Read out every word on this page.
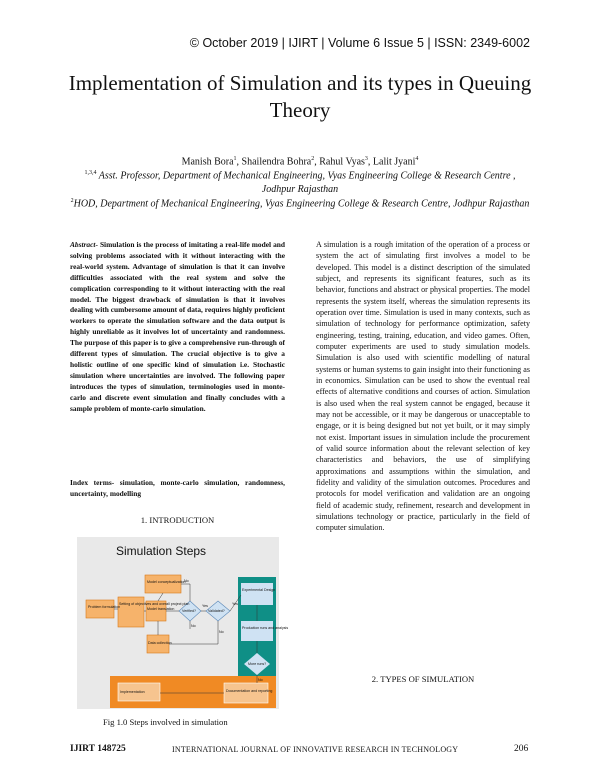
© October 2019 | IJIRT | Volume 6 Issue 5 | ISSN: 2349-6002
Implementation of Simulation and its types in Queuing Theory
Manish Bora$^1$, Shailendra Bohra$^2$, Rahul Vyas$^3$, Lalit Jyani$^4$
$^{1,3,4}$ Asst. Professor, Department of Mechanical Engineering, Vyas Engineering College & Research Centre , Jodhpur Rajasthan
$^2$HOD, Department of Mechanical Engineering, Vyas Engineering College & Research Centre, Jodhpur Rajasthan
Abstract- Simulation is the process of imitating a real-life model and solving problems associated with it without interacting with the real-world system. Advantage of simulation is that it can involve difficulties associated with the real system and solve the complication corresponding to it without interacting with the real model. The biggest drawback of simulation is that it involves dealing with cumbersome amount of data, requires highly proficient workers to operate the simulation software and the data output is highly unreliable as it involves lot of uncertainty and randomness. The purpose of this paper is to give a comprehensive run-through of different types of simulation. The crucial objective is to give a holistic outline of one specific kind of simulation i.e. Stochastic simulation where uncertainties are involved. The following paper introduces the types of simulation, terminologies used in monte-carlo and discrete event simulation and finally concludes with a sample problem of monte-carlo simulation.
Index terms- simulation, monte-carlo simulation, randomness, uncertainty, modelling
1. INTRODUCTION
Simulation Steps
Problem formulation
Setting of objectives and overall project plan
Model conceptualization
Model translation
Data collection
Verified?	Validated?
Experimental Design
Production runs and analysis
More runs?
Implementation	Documentation and reporting
Yes	Yes
No
No
No
No
Fig 1.0 Steps involved in simulation
A simulation is a rough imitation of the operation of a process or system the act of simulating first involves a model to be developed. This model is a distinct description of the simulated subject, and represents its significant features, such as its behavior, functions and abstract or physical properties. The model represents the system itself, whereas the simulation represents its operation over time. Simulation is used in many contexts, such as simulation of technology for performance optimization, safety engineering, testing, training, education, and video games. Often, computer experiments are used to study simulation models. Simulation is also used with scientific modelling of natural systems or human systems to gain insight into their functioning as in economics. Simulation can be used to show the eventual real effects of alternative conditions and courses of action. Simulation is also used when the real system cannot be engaged, because it may not be accessible, or it may be dangerous or unacceptable to engage, or it is being designed but not yet built, or it may simply not exist. Important issues in simulation include the procurement of valid source information about the relevant selection of key characteristics and behaviors, the use of simplifying approximations and assumptions within the simulation, and fidelity and validity of the simulation outcomes. Procedures and protocols for model verification and validation are an ongoing field of academic study, refinement, research and development in simulations technology or practice, particularly in the field of computer simulation.
2. TYPES OF SIMULATION
IJIRT 148725	INTERNATIONAL JOURNAL OF INNOVATIVE RESEARCH IN TECHNOLOGY	206
